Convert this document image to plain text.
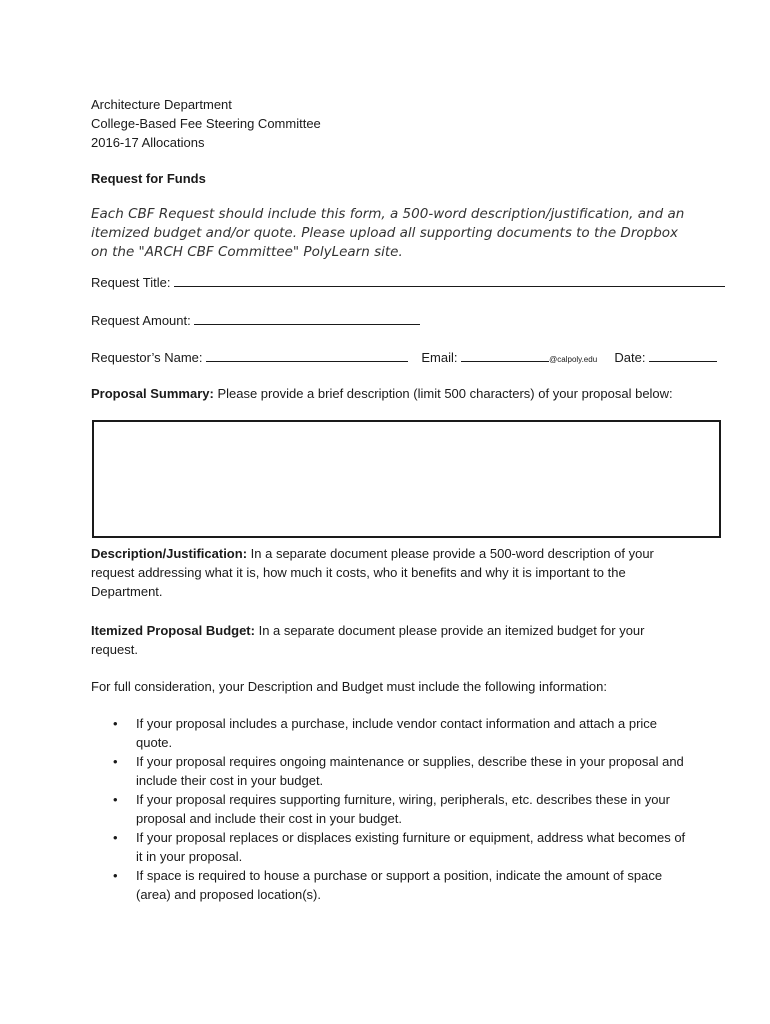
Architecture Department
College-Based Fee Steering Committee
2016-17 Allocations
Request for Funds
Each CBF Request should include this form, a 500-word description/justification, and an itemized budget and/or quote. Please upload all supporting documents to the Dropbox on the "ARCH CBF Committee" PolyLearn site.
Request Title:
Request Amount:
Requestor’s Name:	Email:	@calpoly.edu Date:
Proposal Summary: Please provide a brief description (limit 500 characters) of your proposal below:
Description/Justification: In a separate document please provide a 500-word description of your request addressing what it is, how much it costs, who it benefits and why it is important to the Department.
Itemized Proposal Budget: In a separate document please provide an itemized budget for your request.
For full consideration, your Description and Budget must include the following information:
• If your proposal includes a purchase, include vendor contact information and attach a price quote.
• If your proposal requires ongoing maintenance or supplies, describe these in your proposal and include their cost in your budget.
• If your proposal requires supporting furniture, wiring, peripherals, etc. describes these in your proposal and include their cost in your budget.
• If your proposal replaces or displaces existing furniture or equipment, address what becomes of it in your proposal.
• If space is required to house a purchase or support a position, indicate the amount of space (area) and proposed location(s).
